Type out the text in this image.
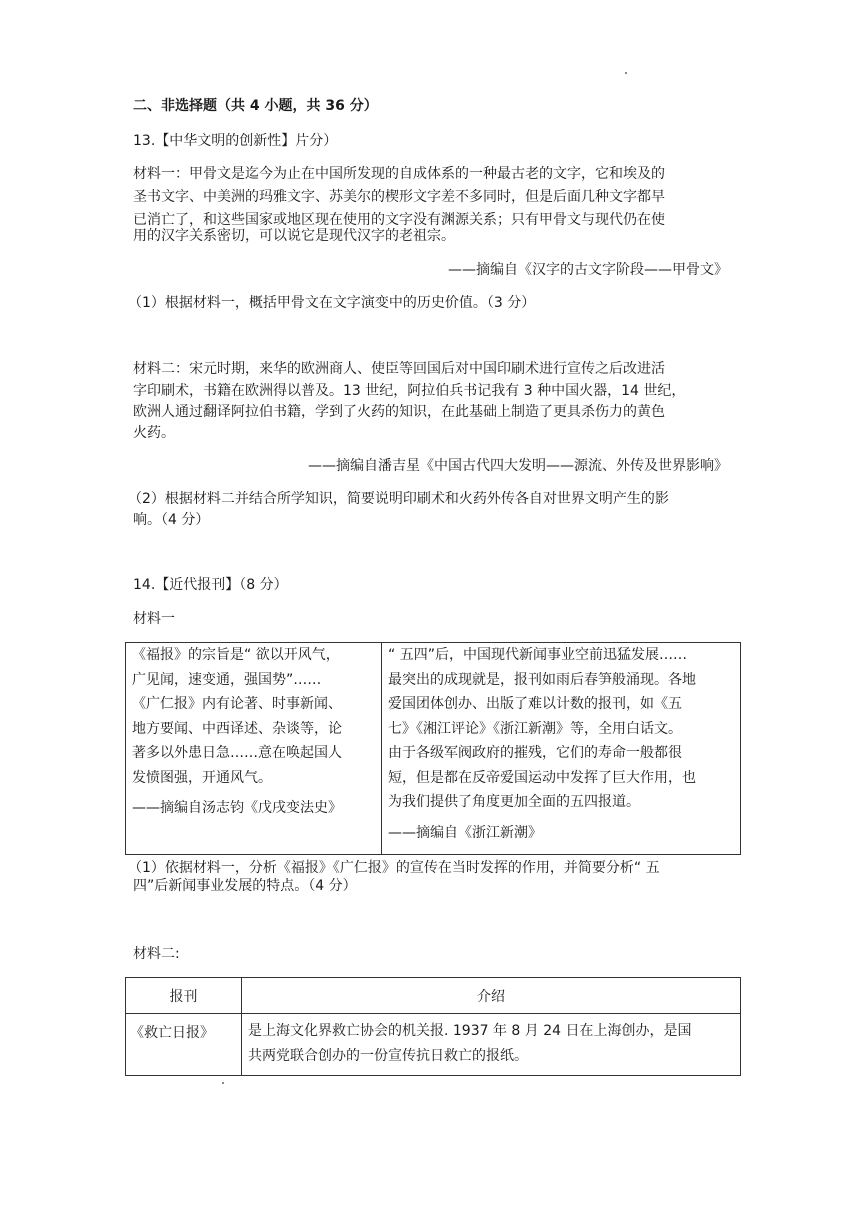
二、非选择题（共 4 小题，共 36 分）
13.【中华文明的创新性】片分）
材料一：甲骨文是迄今为止在中国所发现的自成体系的一种最古老的文字，它和埃及的
圣书文字、中美洲的玛雅文字、苏美尔的楔形文字差不多同时，但是后面几种文字都早
已消亡了，和这些国家或地区现在使用的文字没有渊源关系；只有甲骨文与现代仍在使
用的汉字关系密切，可以说它是现代汉字的老祖宗。
——摘编自《汉字的古文字阶段——甲骨文》
（1）根据材料一，概括甲骨文在文字演变中的历史价值。（3 分）
材料二：宋元时期，来华的欧洲商人、使臣等回国后对中国印刷术进行宣传之后改进活
字印刷术，书籍在欧洲得以普及。13 世纪，阿拉伯兵书记我有 3 种中国火器，14 世纪，
欧洲人通过翻译阿拉伯书籍，学到了火药的知识，在此基础上制造了更具杀伤力的黄色
火药。
——摘编自潘吉星《中国古代四大发明——源流、外传及世界影响》
（2）根据材料二并结合所学知识，简要说明印刷术和火药外传各自对世界文明产生的影
响。（4 分）
14.【近代报刊】（8 分）
材料一
《福报》的宗旨是“ 欲以开风气，
广见闻，速变通，强国势”……
《广仁报》内有论著、时事新闻、
地方要闻、中西译述、杂谈等，论
著多以外患日急……意在唤起国人
发愤图强，开通风气。
——摘编自汤志钧《戊戌变法史》

“ 五四”后，中国现代新闻事业空前迅猛发展……
最突出的成现就是，报刊如雨后春笋般涌现。各地
爱国团体创办、出版了难以计数的报刊，如《五
七》《湘江评论》《浙江新潮》等，全用白话文。
由于各级军阀政府的摧残，它们的寿命一般都很
短，但是都在反帝爱国运动中发挥了巨大作用，也
为我们提供了角度更加全面的五四报道。
——摘编自《浙江新潮》
（1）依据材料一，分析《福报》《广仁报》的宣传在当时发挥的作用，并简要分析“ 五
四”后新闻事业发展的特点。（4 分）
材料二:
报刊	介绍
《救亡日报》	是上海文化界救亡协会的机关报. 1937 年 8 月 24 日在上海创办，是国
共两党联合创办的一份宣传抗日救亡的报纸。
